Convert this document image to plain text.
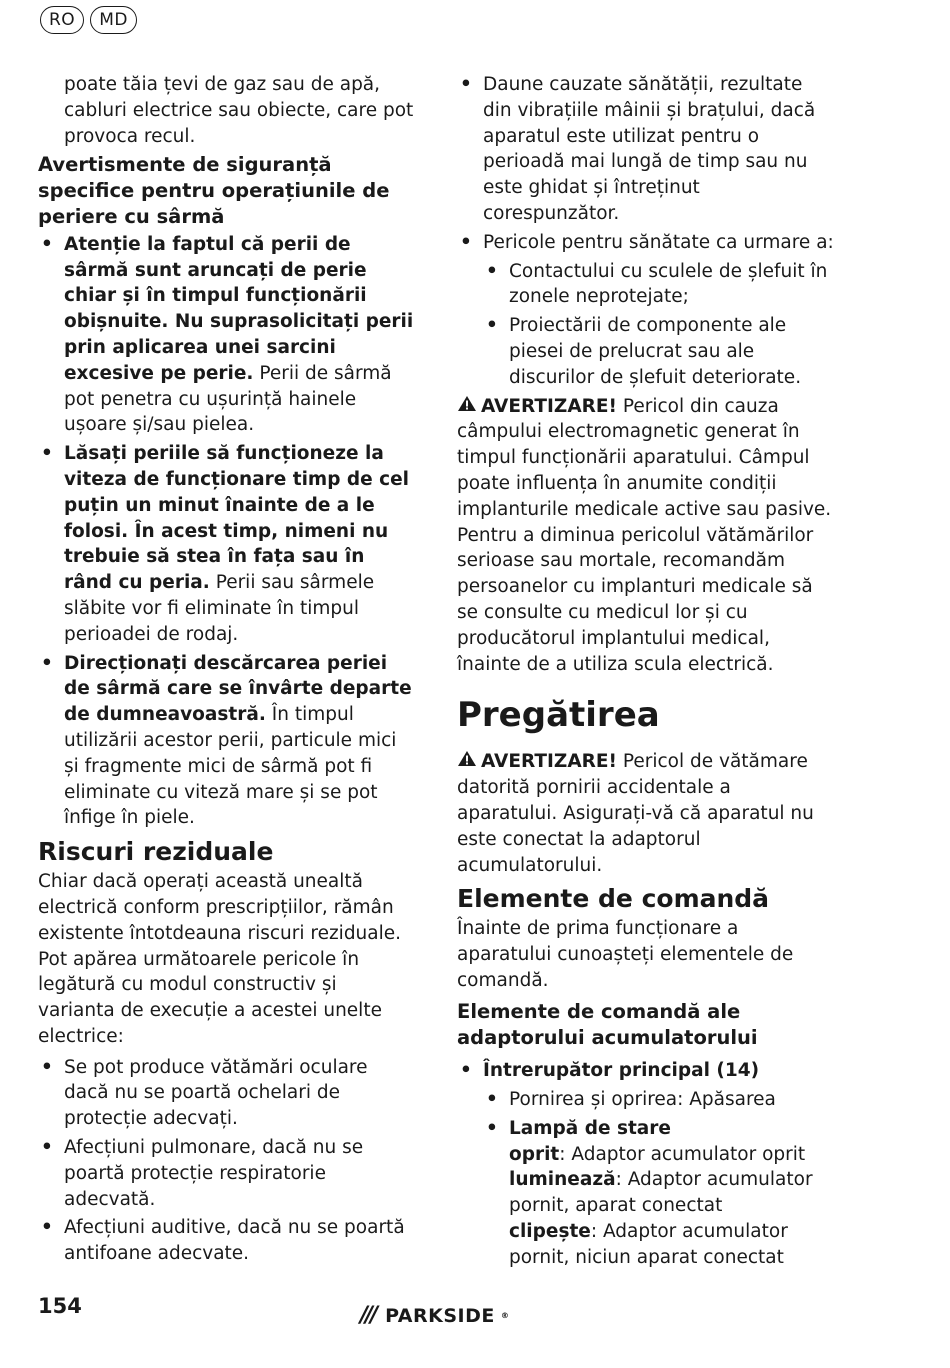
RO	MD

poate tăia țevi de gaz sau de apă, cabluri electrice sau obiecte, care pot provoca recul.

Avertismente de siguranță specifice pentru operațiunile de periere cu sârmă

• Atenție la faptul că perii de sârmă sunt aruncați de perie chiar și în timpul funcționării obișnuite. Nu suprasolicitați perii prin aplicarea unei sarcini excesive pe perie. Perii de sârmă pot penetra cu ușurință hainele ușoare și/sau pielea.
• Lăsați periile să funcționeze la viteza de funcționare timp de cel puțin un minut înainte de a le folosi. În acest timp, nimeni nu trebuie să stea în fața sau în rând cu peria. Perii sau sârmele slăbite vor fi eliminate în timpul perioadei de rodaj.
• Direcționați descărcarea periei de sârmă care se învârte departe de dumneavoastră. În timpul utilizării acestor perii, particule mici și fragmente mici de sârmă pot fi eliminate cu viteză mare și se pot înfige în piele.
Riscuri reziduale

Chiar dacă operați această unealtă electrică conform prescripțiilor, rămân existente întotdeauna riscuri reziduale. Pot apărea următoarele pericole în legătură cu modul constructiv și varianta de execuție a acestei unelte electrice:

• Se pot produce vătămări oculare dacă nu se poartă ochelari de protecție adecvați.
• Afecțiuni pulmonare, dacă nu se poartă protecție respiratorie adecvată.
• Afecțiuni auditive, dacă nu se poartă antifoane adecvate.
• Daune cauzate sănătății, rezultate din vibrațiile mâinii și brațului, dacă aparatul este utilizat pentru o perioadă mai lungă de timp sau nu este ghidat și întreținut corespunzător.
• Pericole pentru sănătate ca urmare a:
• Contactului cu sculele de șlefuit în zonele neprotejate;
• Proiectării de componente ale piesei de prelucrat sau ale discurilor de șlefuit deteriorate.

AVERTIZARE! Pericol din cauza câmpului electromagnetic generat în timpul funcționării aparatului. Câmpul poate influența în anumite condiții implanturile medicale active sau pasive. Pentru a diminua pericolul vătămărilor serioase sau mortale, recomandăm persoanelor cu implanturi medicale să se consulte cu medicul lor și cu producătorul implantului medical, înainte de a utiliza scula electrică.

Pregătirea

AVERTIZARE! Pericol de vătămare datorită pornirii accidentale a aparatului. Asigurați-vă că aparatul nu este conectat la adaptorul acumulatorului.

Elemente de comandă

Înainte de prima funcționare a aparatului cunoașteți elementele de comandă.

Elemente de comandă ale adaptorului acumulatorului

• Întrerupător principal (14)
• Pornirea și oprirea: Apăsarea
• Lampă de stare
oprit: Adaptor acumulator oprit
luminează: Adaptor acumulator pornit, aparat conectat
clipește: Adaptor acumulator pornit, niciun aparat conectat
154	/// PARKSIDE ®
